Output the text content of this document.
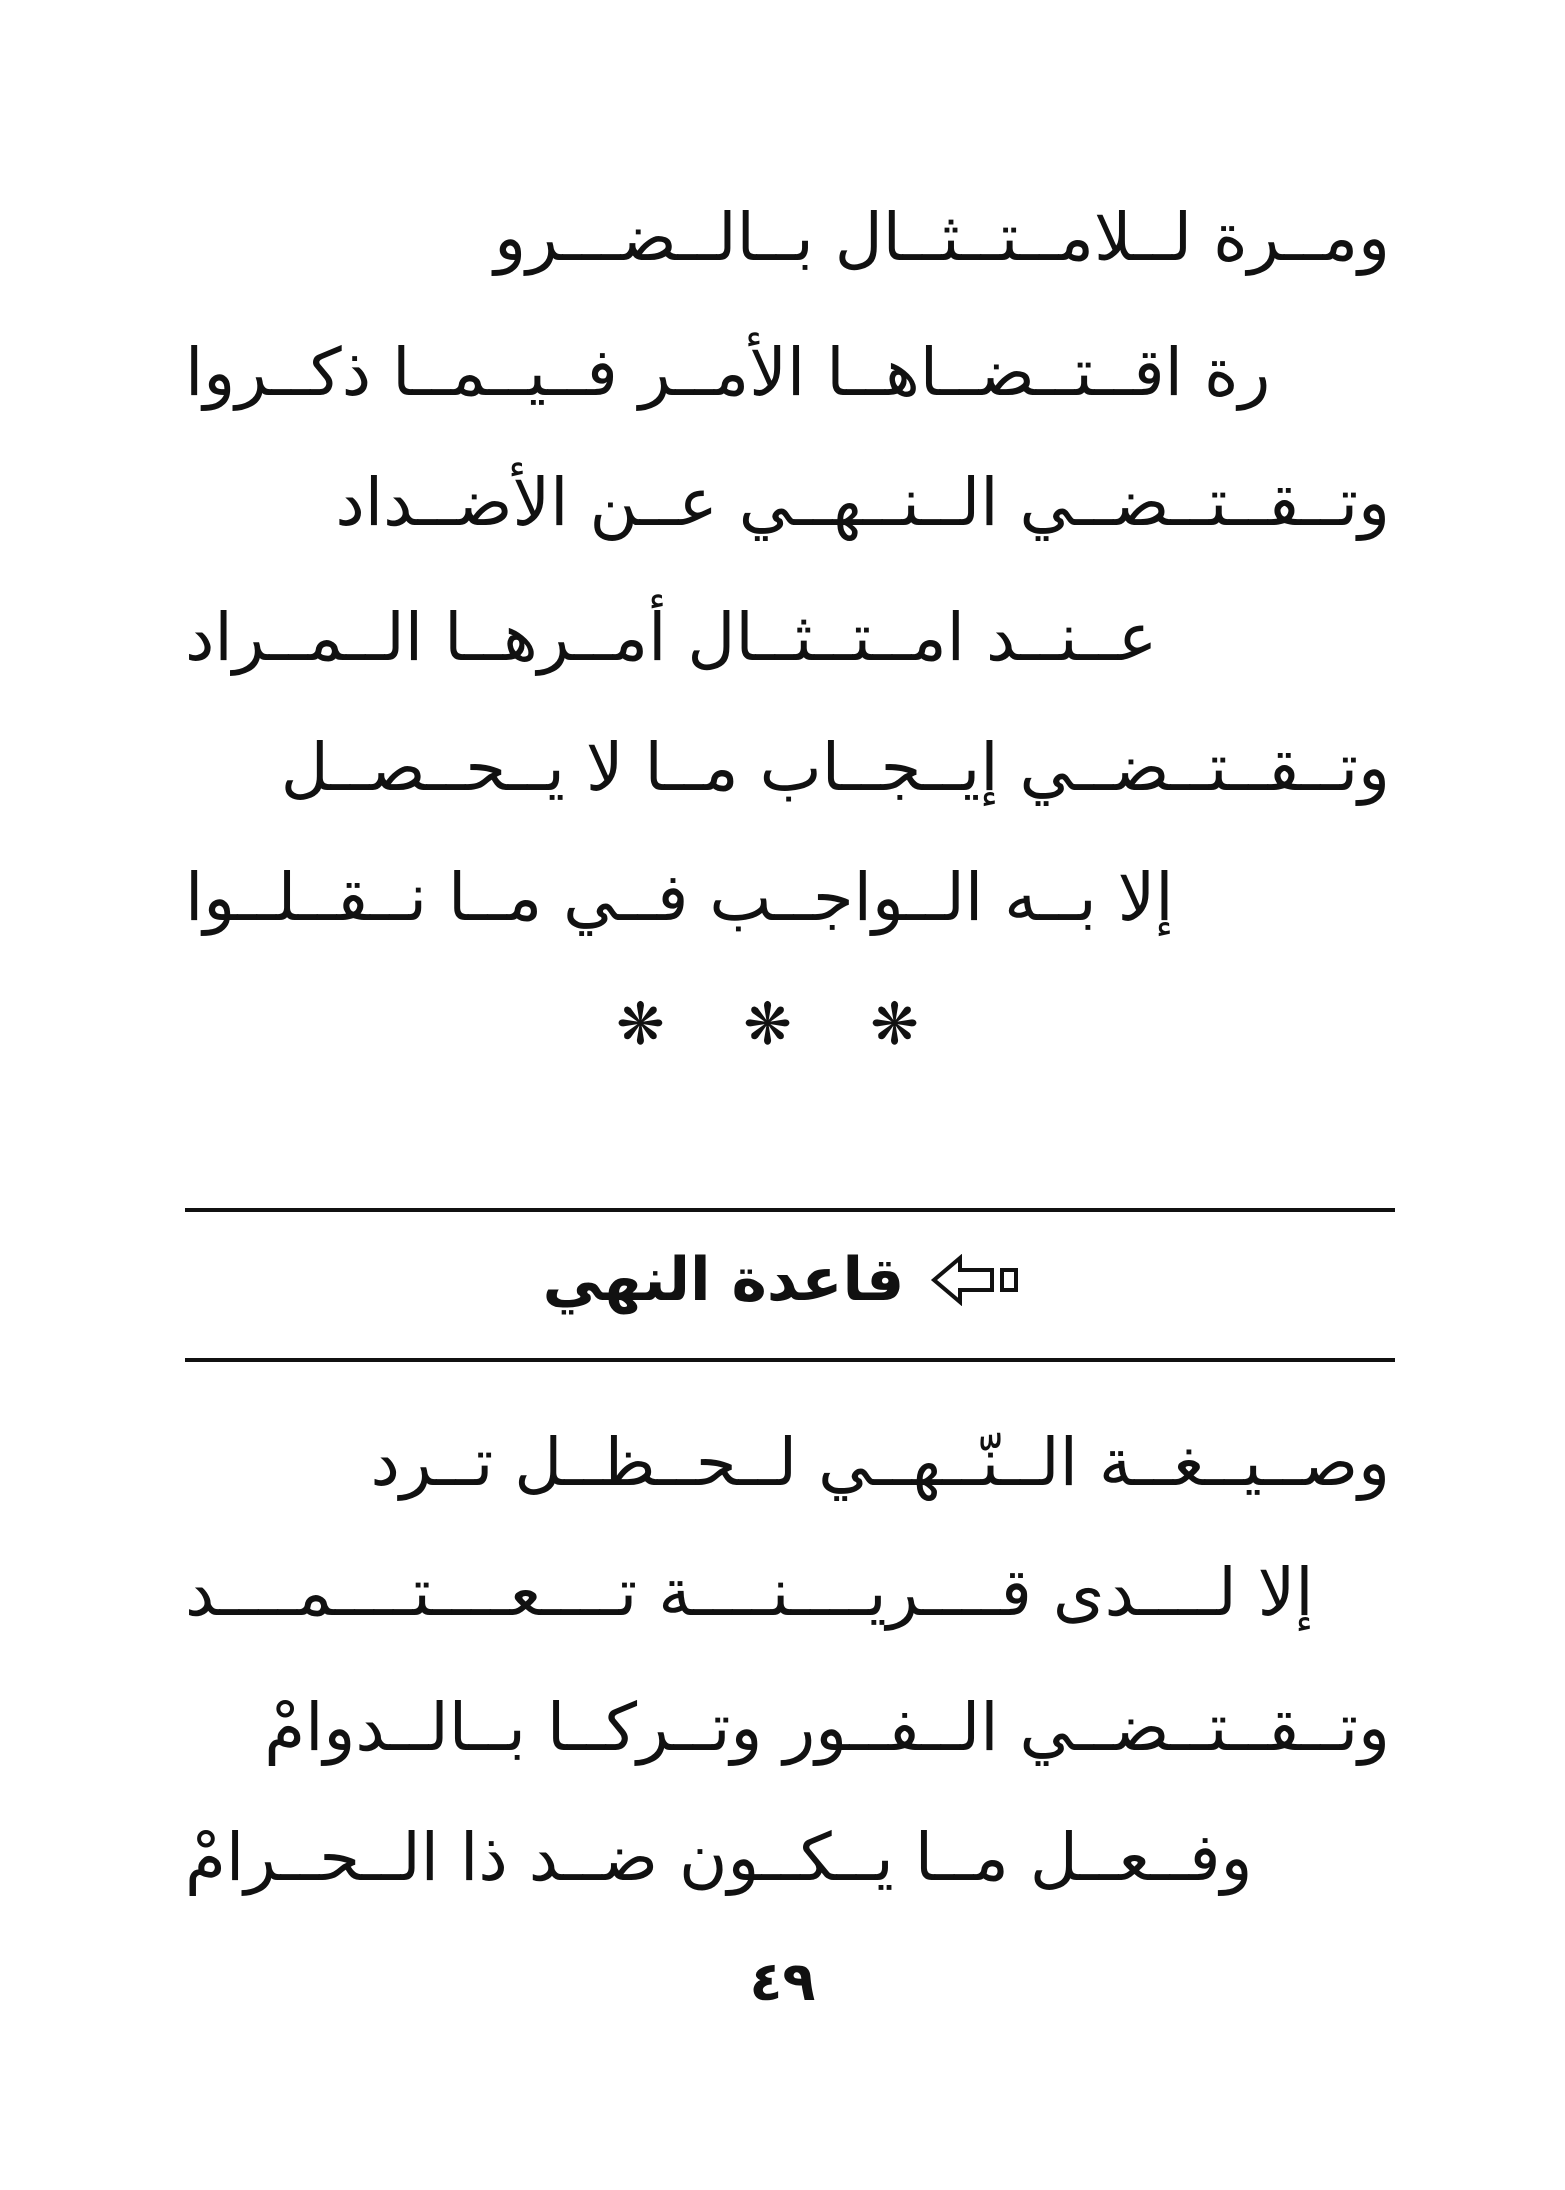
ومــرة لــلامــتــثــال بــالــضـــرو
رة اقــتــضــاهــا الأمــر فــيــمــا ذكــروا
وتــقــتــضــي الــنــهــي عــن الأضــداد
عــنــد امــتــثــال أمــرهــا الــمــراد
وتــقــتــضــي إيــجــاب مــا لا يــحــصــل
إلا بــه الــواجــب فــي مــا نــقــلــوا
❋ ❋ ❋
قاعدة النهي
وصــيــغــة الــنّــهــي لــحــظــل تــرد
إلا لــــدى قــــريــــنــــة تــــعــــتــــمــــد
وتــقــتــضــي الــفــور وتــركــا بــالــدوامْ
وفــعــل مــا يــكــون ضــد ذا الــحــرامْ
٤٩
